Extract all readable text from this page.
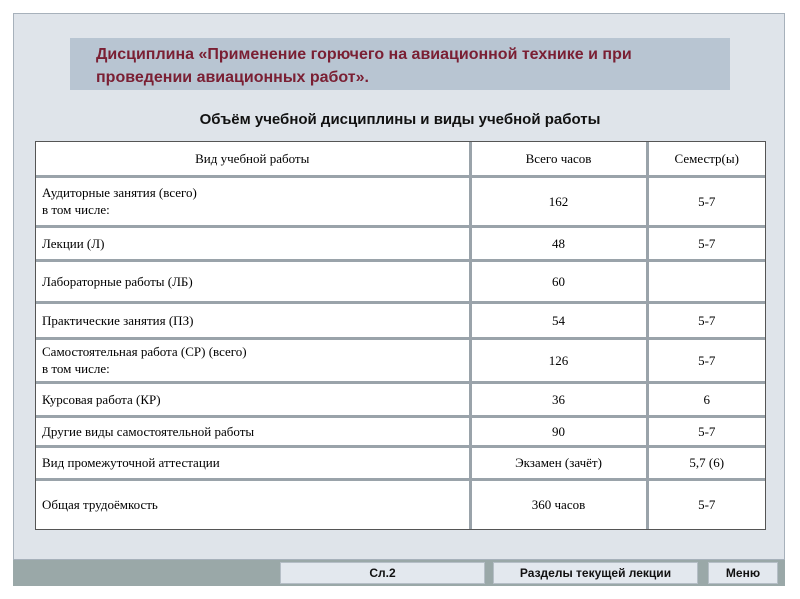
Дисциплина «Применение горючего на авиационной технике и при проведении авиационных работ».
Объём учебной дисциплины и виды учебной работы
Вид учебной работы	Всего часов	Семестр(ы)

Аудиторные занятия (всего)
в том числе:	162	5-7
Лекции (Л)	48	5-7
Лабораторные работы (ЛБ)	60	
Практические занятия (ПЗ)	54	5-7

Самостоятельная работа (СР) (всего)
в том числе:	126	5-7
Курсовая работа (КР)	36	6
Другие виды самостоятельной работы	90	5-7
Вид промежуточной аттестации	Экзамен (зачёт)	5,7 (6)
Общая трудоёмкость	360 часов	5-7
Сл.2	Разделы текущей лекции	Меню
